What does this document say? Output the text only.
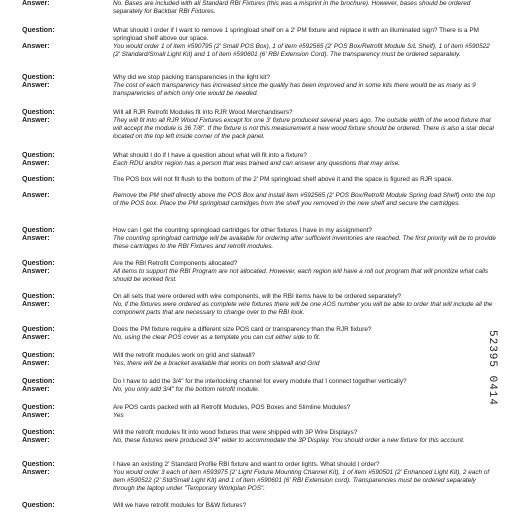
Answer:	No. Bases are included with all Standard RBI Fixtures (this was a misprint in the brochure). However, bases should be ordered separately for Backbar RBI Fixtures.
Question:	What should I order if I want to remove 1 springload shelf on a 2' PM fixture and replace it with an illuminated sign? There is a PM springload shelf above our space.
Answer:	You would order 1 of item #590795 (2' Small POS Box), 1 of item #592565 (2' POS Box/Retrofit Module S/L Shelf), 1 of item #590522 (2' Standard/Small Light Kit) and 1 of item #590601 (6' RBI Extension Cord). The transparency must be ordered separately.
Question:	Why did we stop packing transparencies in the light kit?
Answer:	The cost of each transparency has increased since the quality has been improved and in some kits there would be as many as 9 transparencies of which only one would be needed.
Question:	Will all RJR Retrofit Modules fit into RJR Wood Merchandisers?
Answer:	They will fit into all RJR Wood Fixtures except for one 3' fixture produced several years ago. The outside width of the wood fixture that will accept the module is 36 7/8". If the fixture is not this measurement a new wood fixture should be ordered. There is also a star decal located on the top left inside corner of the pack panel.
Question:	What should I do if I have a question about what will fit into a fixture?
Answer:	Each RDU and/or region has a person that was trained and can answer any questions that may arise.
Question:	The POS box will not fit flush to the bottom of the 2' PM springload shelf above it and the space is figured as RJR space.
Answer:	Remove the PM shelf directly above the POS Box and install item #592565 (2' POS Box/Retrofit Module Spring load Shelf) onto the top of the POS box. Place the PM springload cartridges from the shelf you removed in the new shelf and secure the cartridges.
Question:	How can I get the counting springload cartridges for other fixtures I have in my assignment?
Answer:	The counting springload cartridge will be available for ordering after sufficient inventories are reached. The first priority will be to provide these cartridges to the RBI Fixtures and retrofit modules.
Question:	Are the RBI Retrofit Components allocated?
Answer:	All items to support the RBI Program are not allocated. However, each region will have a roll out program that will prioritize what calls should be worked first.
Question:	On all sets that were ordered with wire components, will the RBI items have to be ordered separately?
Answer:	No, if the fixtures were ordered as complete wire fixtures there will be one AOS number you will be able to order that will include all the component parts that are necessary to change over to the RBI look.
Question:	Does the PM fixture require a different size POS card or transparency than the RJR fixture?
Answer:	No, using the clear POS cover as a template you can cut either side to fit.
Question:	Will the retrofit modules work on grid and slatwall?
Answer:	Yes, there will be a bracket available that works on both slatwall and Grid
Question:	Do I have to add the 3/4" for the interlocking channel for every module that I connect together vertically?
Answer:	No, you only add 3/4" for the bottom retrofit module.
Question:	Are POS cards packed with all Retrofit Modules, POS Boxes and Slimline Modules?
Answer:	Yes
Question:	Will the retrofit modules fit into wood fixtures that were shipped with 3P Wire Displays?
Answer:	No, these fixtures were produced 3/4" wider to accommodate the 3P Display. You should order a new fixture for this account.
Question:	I have an existing 2' Standard Profile RBI fixture and want to order lights. What should I order?
Answer:	You would order 3 each of item #593975 (2' Light Fixture Mounting Channel Kit), 1 of item #590501 (2' Enhanced Light Kit), 2 each of item #590522 (2' Std/Small Light Kit) and 1 of item #590601 (6' RBI Extension cord). Transparencies must be ordered separately through the laptop under "Temporary Workplan POS".
Question:	Will we have retrofit modules for B&W fixtures?
52395 0414
